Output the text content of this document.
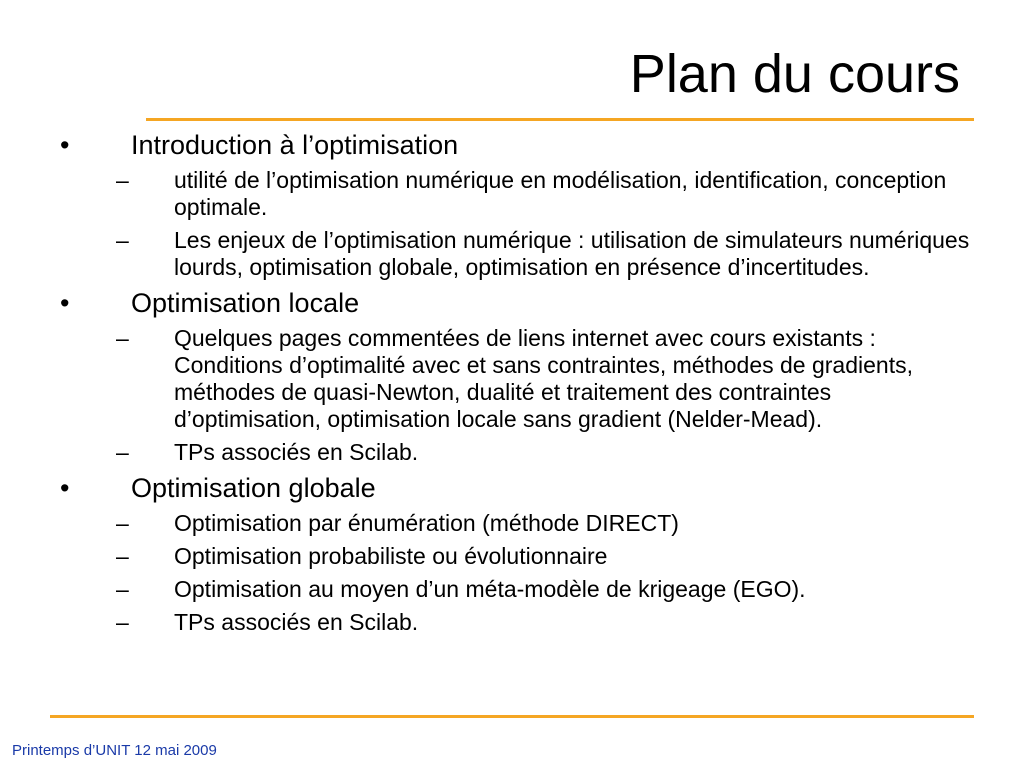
Plan du cours
• Introduction à l’optimisation
– utilité de l’optimisation numérique en modélisation, identification, conception optimale.
– Les enjeux de l’optimisation numérique : utilisation de simulateurs numériques lourds, optimisation globale, optimisation en présence d’incertitudes.
• Optimisation locale
– Quelques pages commentées de liens internet avec cours existants : Conditions d’optimalité avec et sans contraintes, méthodes de gradients, méthodes de quasi-Newton, dualité et traitement des contraintes d’optimisation, optimisation locale sans gradient (Nelder-Mead).
– TPs associés en Scilab.
• Optimisation globale
– Optimisation par énumération (méthode DIRECT)
– Optimisation probabiliste ou évolutionnaire
– Optimisation au moyen d’un méta-modèle de krigeage (EGO).
– TPs associés en Scilab.
Printemps d’UNIT 12 mai 2009
